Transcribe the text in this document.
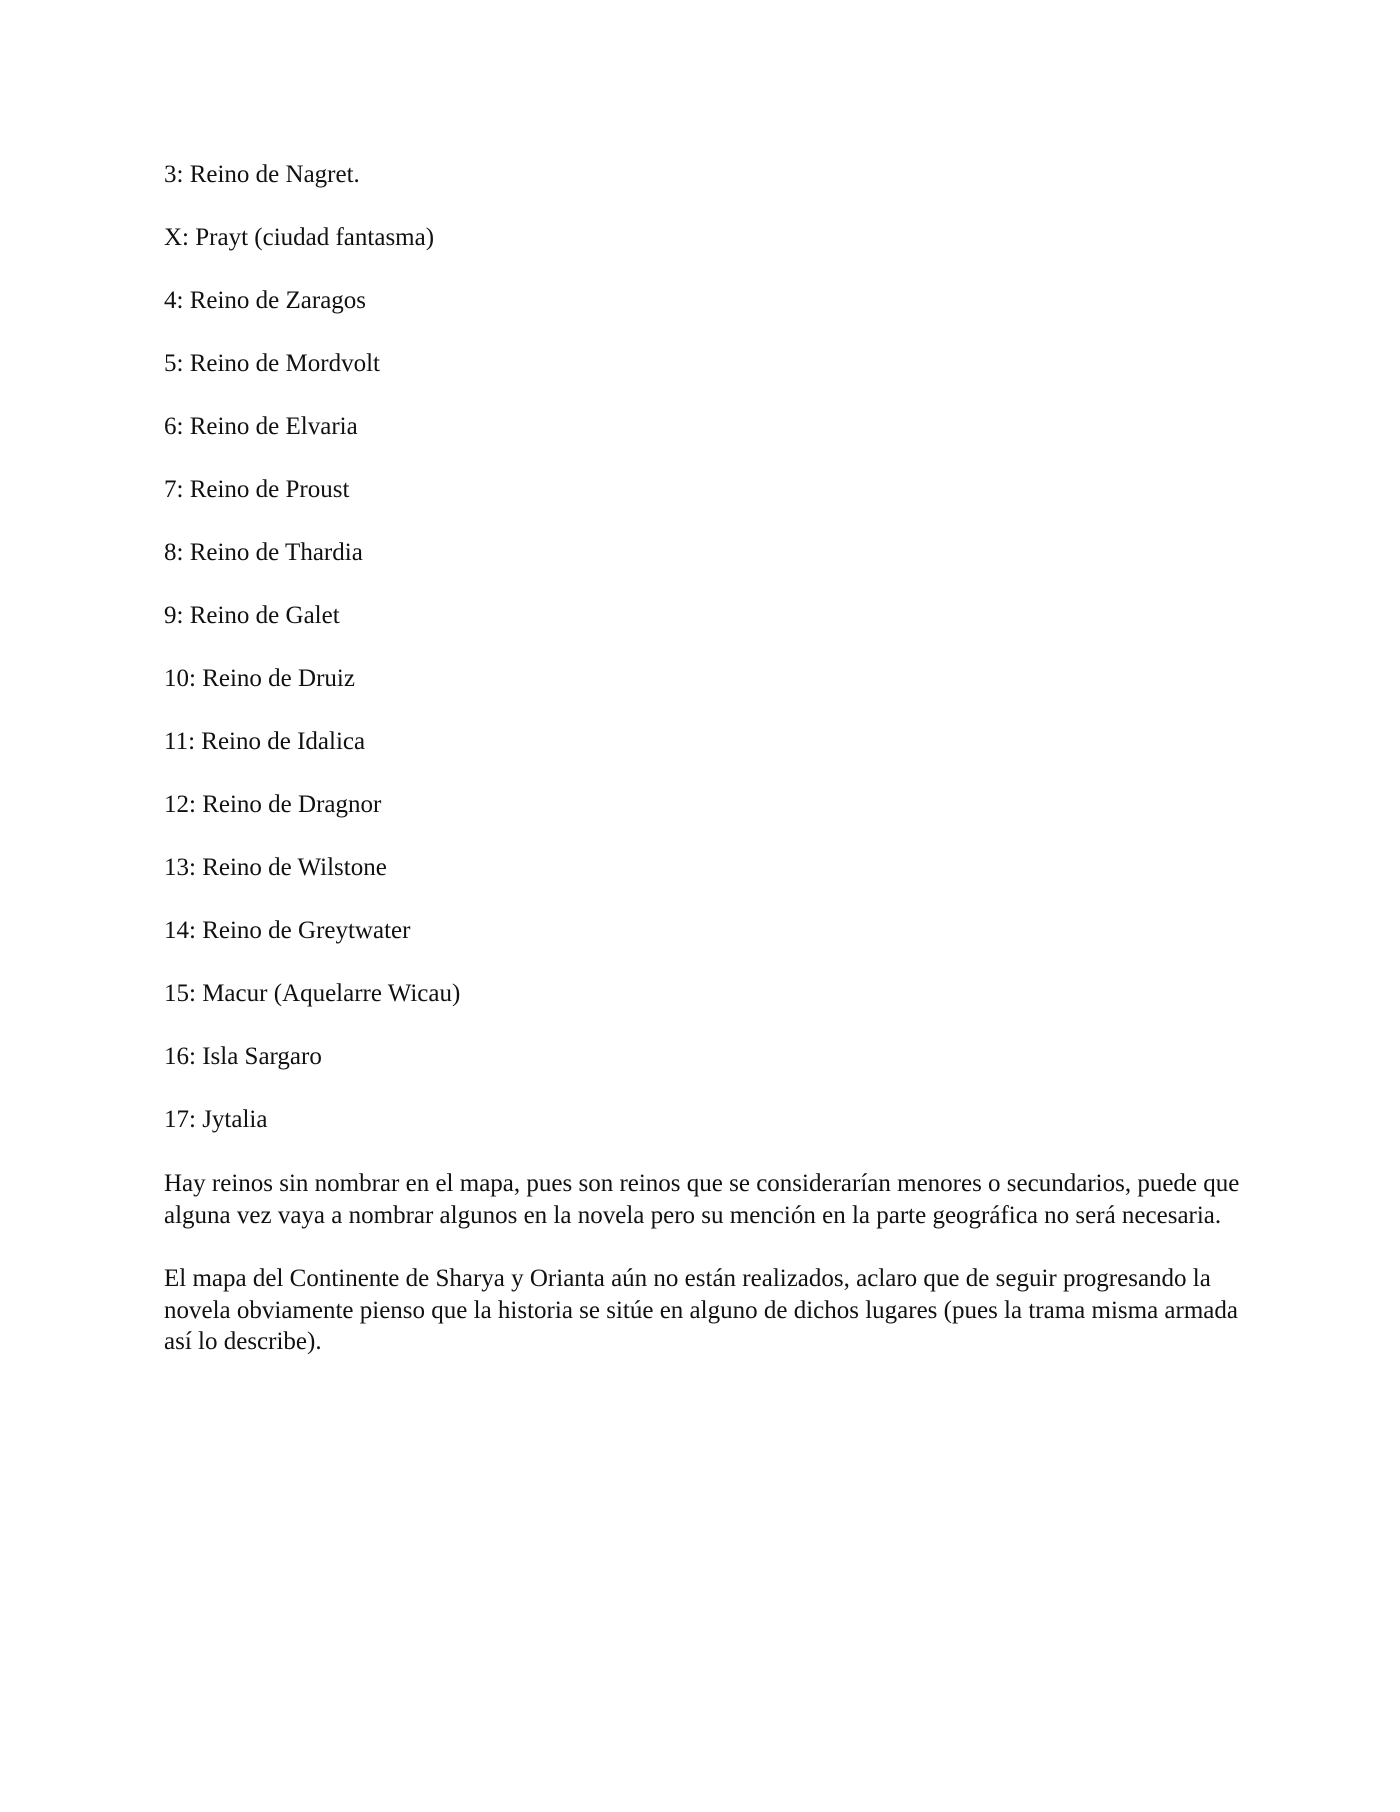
3: Reino de Nagret.
X: Prayt (ciudad fantasma)
4: Reino de Zaragos
5: Reino de Mordvolt
6: Reino de Elvaria
7: Reino de Proust
8: Reino de Thardia
9: Reino de Galet
10: Reino de Druiz
11: Reino de Idalica
12: Reino de Dragnor
13: Reino de Wilstone
14: Reino de Greytwater
15: Macur (Aquelarre Wicau)
16: Isla Sargaro
17: Jytalia

Hay reinos sin nombrar en el mapa, pues son reinos que se considerarían menores o secundarios, puede que alguna vez vaya a nombrar algunos en la novela pero su mención en la parte geográfica no será necesaria.

El mapa del Continente de Sharya y Orianta aún no están realizados, aclaro que de seguir progresando la novela obviamente pienso que la historia se sitúe en alguno de dichos lugares (pues la trama misma armada así lo describe).
